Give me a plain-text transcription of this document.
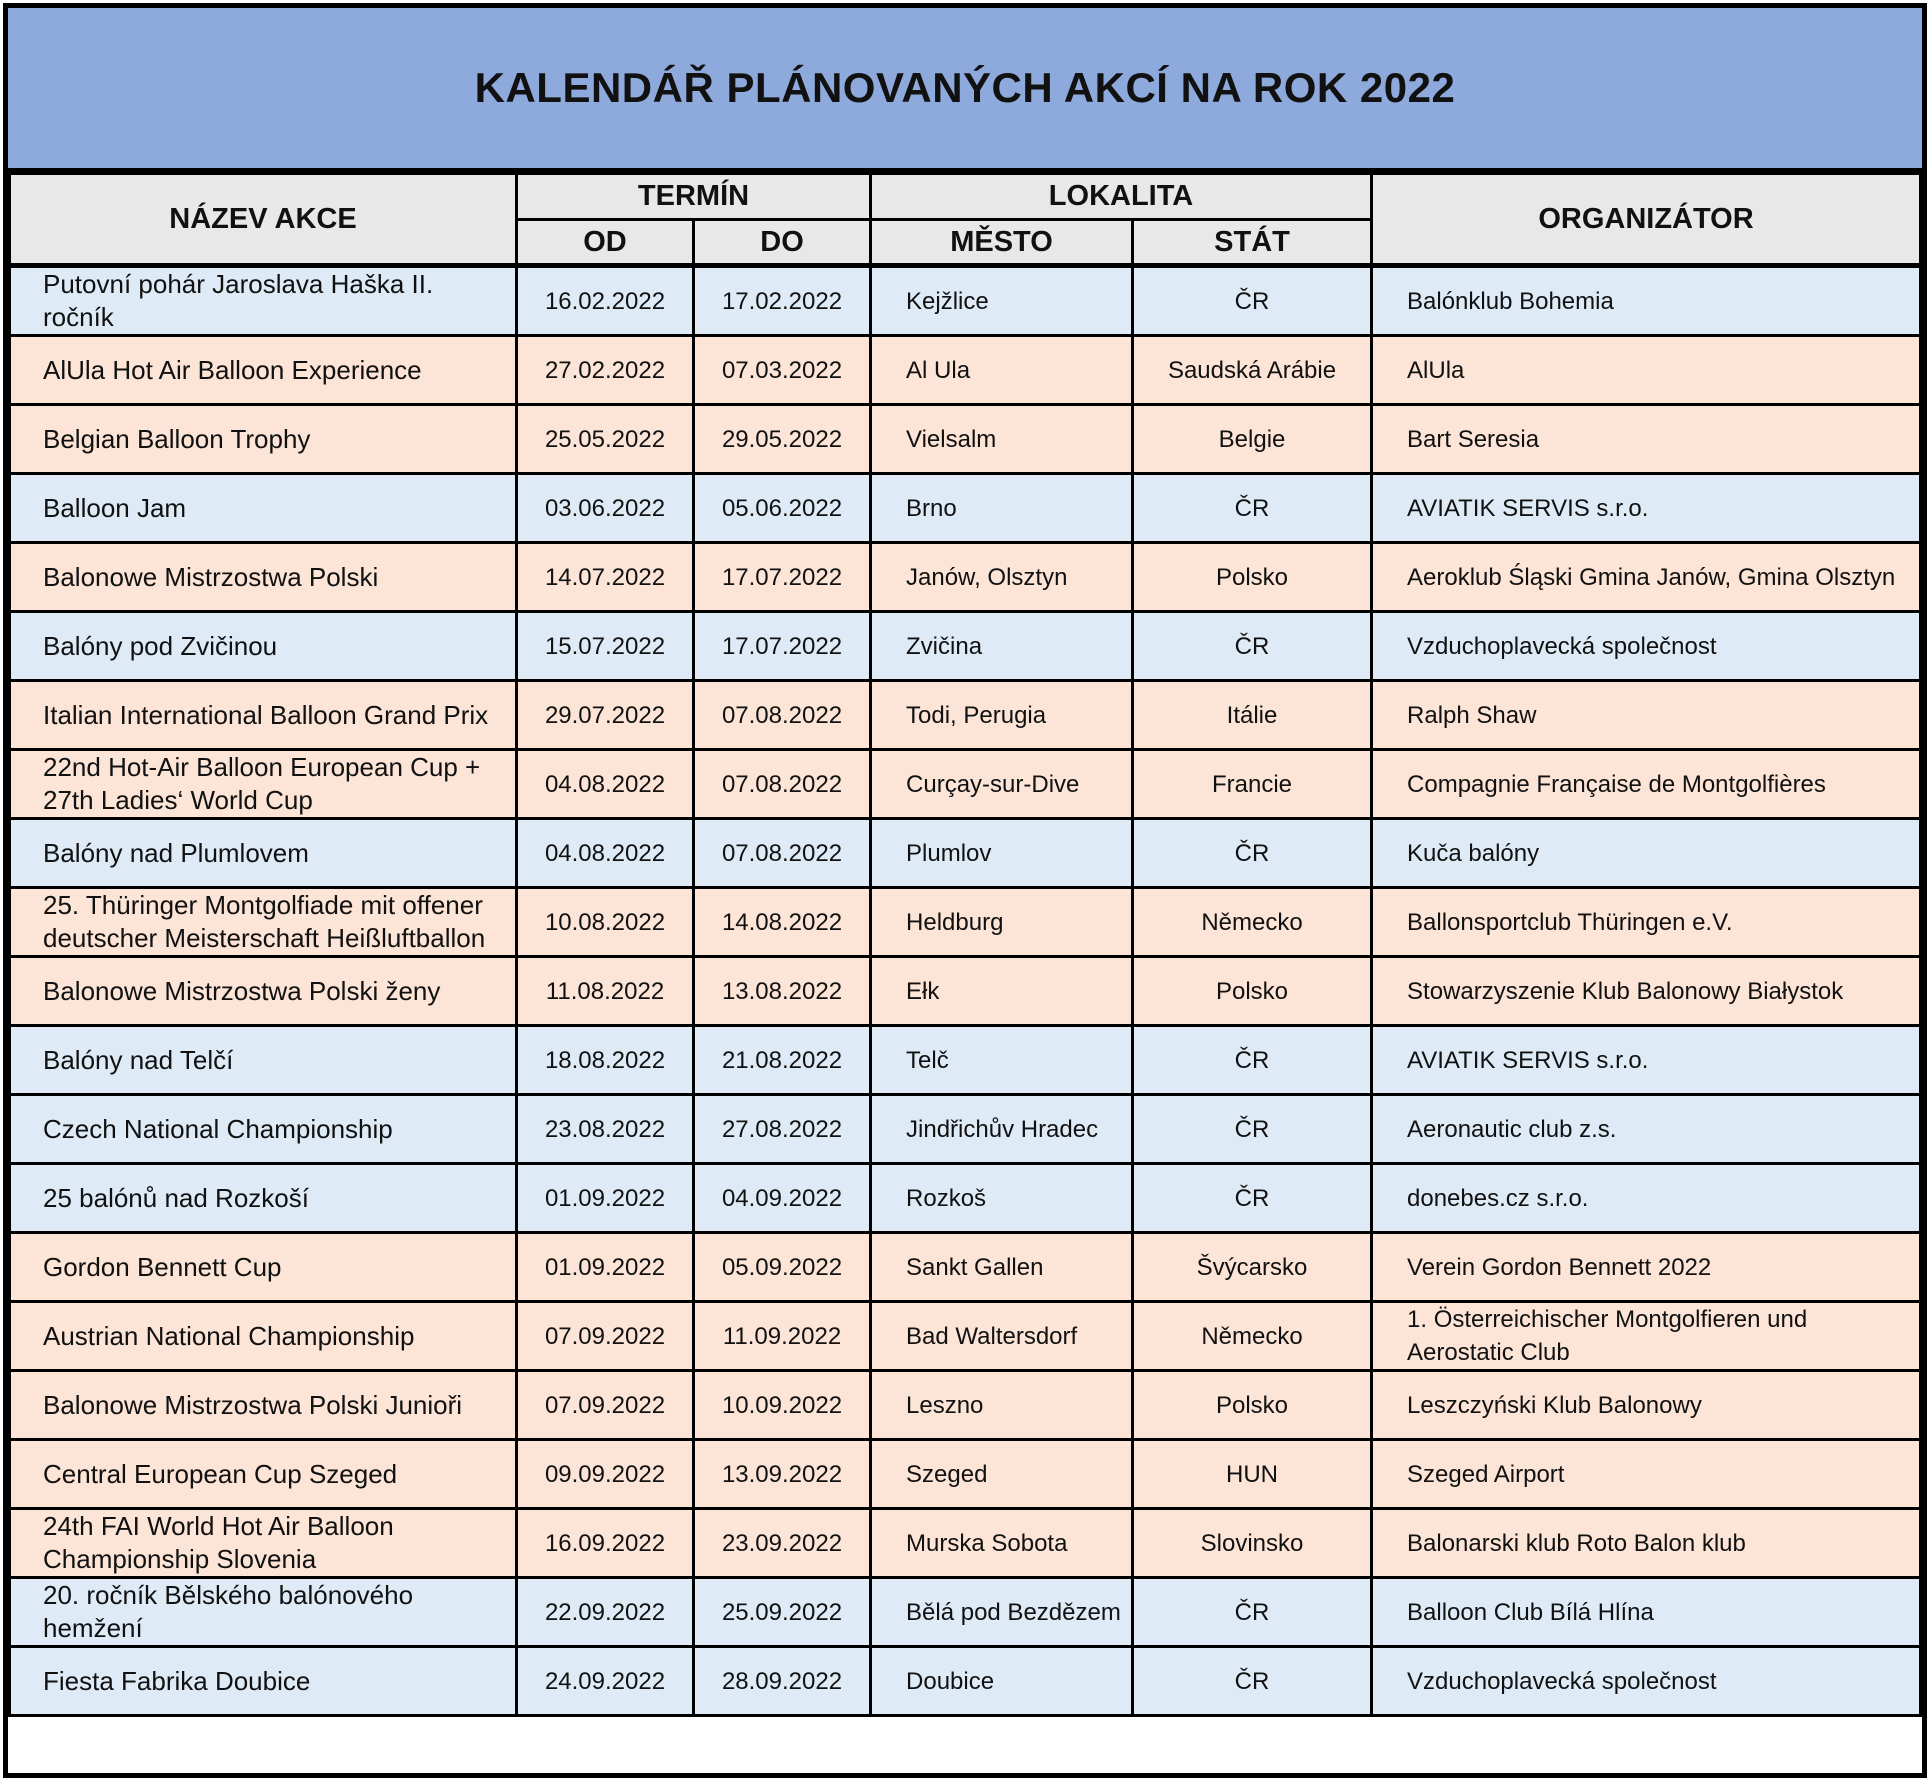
KALENDÁŘ PLÁNOVANÝCH AKCÍ NA ROK 2022
NÁZEV AKCE	TERMÍN		LOKALITA		ORGANIZÁTOR
	OD	DO	MĚSTO	STÁT	
Putovní pohár Jaroslava Haška II. ročník	16.02.2022	17.02.2022	Kejžlice	ČR	Balónklub Bohemia
AlUla Hot Air Balloon Experience	27.02.2022	07.03.2022	Al Ula	Saudská Arábie	AlUla
Belgian Balloon Trophy	25.05.2022	29.05.2022	Vielsalm	Belgie	Bart Seresia
Balloon Jam	03.06.2022	05.06.2022	Brno	ČR	AVIATIK SERVIS s.r.o.
Balonowe Mistrzostwa Polski	14.07.2022	17.07.2022	Janów, Olsztyn	Polsko	Aeroklub Śląski Gmina Janów, Gmina Olsztyn
Balóny pod Zvičinou	15.07.2022	17.07.2022	Zvičina	ČR	Vzduchoplavecká společnost
Italian International Balloon Grand Prix	29.07.2022	07.08.2022	Todi, Perugia	Itálie	Ralph Shaw
22nd Hot-Air Balloon European Cup + 27th Ladies‘ World Cup	04.08.2022	07.08.2022	Curçay-sur-Dive	Francie	Compagnie Française de Montgolfières
Balóny nad Plumlovem	04.08.2022	07.08.2022	Plumlov	ČR	Kuča balóny
25. Thüringer Montgolfiade mit offener deutscher Meisterschaft Heißluftballon	10.08.2022	14.08.2022	Heldburg	Německo	Ballonsportclub Thüringen e.V.
Balonowe Mistrzostwa Polski ženy	11.08.2022	13.08.2022	Ełk	Polsko	Stowarzyszenie Klub Balonowy Białystok
Balóny nad Telčí	18.08.2022	21.08.2022	Telč	ČR	AVIATIK SERVIS s.r.o.
Czech National Championship	23.08.2022	27.08.2022	Jindřichův Hradec	ČR	Aeronautic club z.s.
25 balónů nad Rozkoší	01.09.2022	04.09.2022	Rozkoš	ČR	donebes.cz s.r.o.
Gordon Bennett Cup	01.09.2022	05.09.2022	Sankt Gallen	Švýcarsko	Verein Gordon Bennett 2022
Austrian National Championship	07.09.2022	11.09.2022	Bad Waltersdorf	Německo	1. Österreichischer Montgolfieren und Aerostatic Club
Balonowe Mistrzostwa Polski Junioři	07.09.2022	10.09.2022	Leszno	Polsko	Leszczyński Klub Balonowy
Central European Cup Szeged	09.09.2022	13.09.2022	Szeged	HUN	Szeged Airport
24th FAI World Hot Air Balloon Championship Slovenia	16.09.2022	23.09.2022	Murska Sobota	Slovinsko	Balonarski klub Roto Balon klub
20. ročník Bělského balónového hemžení	22.09.2022	25.09.2022	Bělá pod Bezdězem	ČR	Balloon Club Bílá Hlína
Fiesta Fabrika Doubice	24.09.2022	28.09.2022	Doubice	ČR	Vzduchoplavecká společnost
